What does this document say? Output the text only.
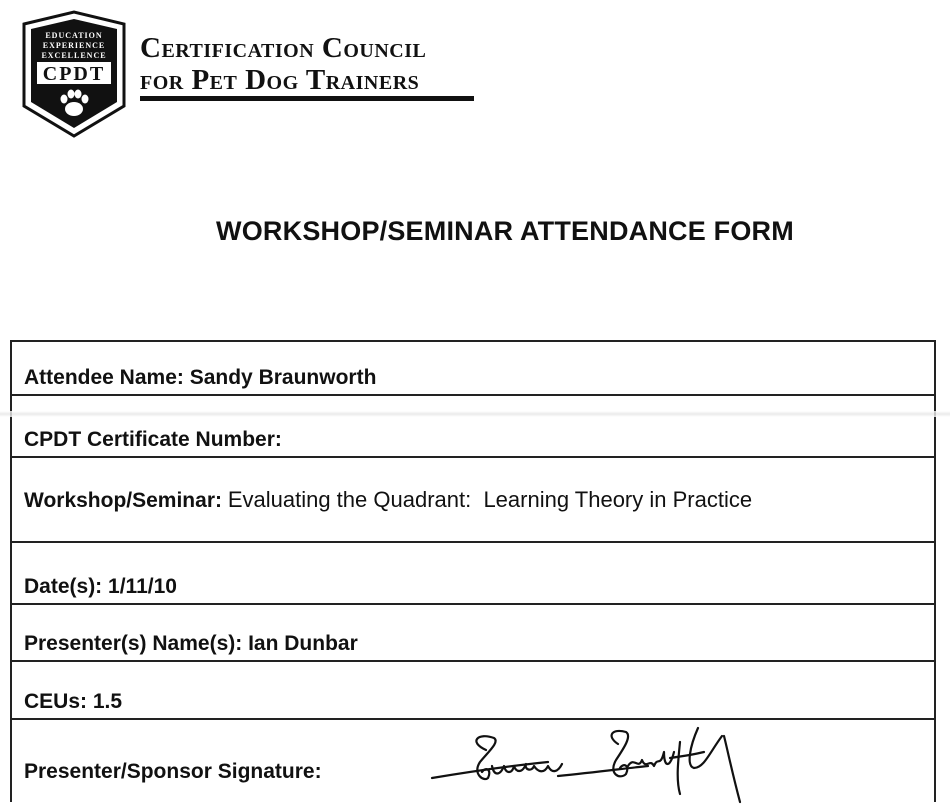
EDUCATION
EXPERIENCE
EXCELLENCE
CPDT
Certification Council
for Pet Dog Trainers
WORKSHOP/SEMINAR ATTENDANCE FORM
Attendee Name: Sandy Braunworth
CPDT Certificate Number:
Workshop/Seminar: Evaluating the Quadrant:  Learning Theory in Practice
Date(s): 1/11/10
Presenter(s) Name(s): Ian Dunbar
CEUs: 1.5
Presenter/Sponsor Signature:
